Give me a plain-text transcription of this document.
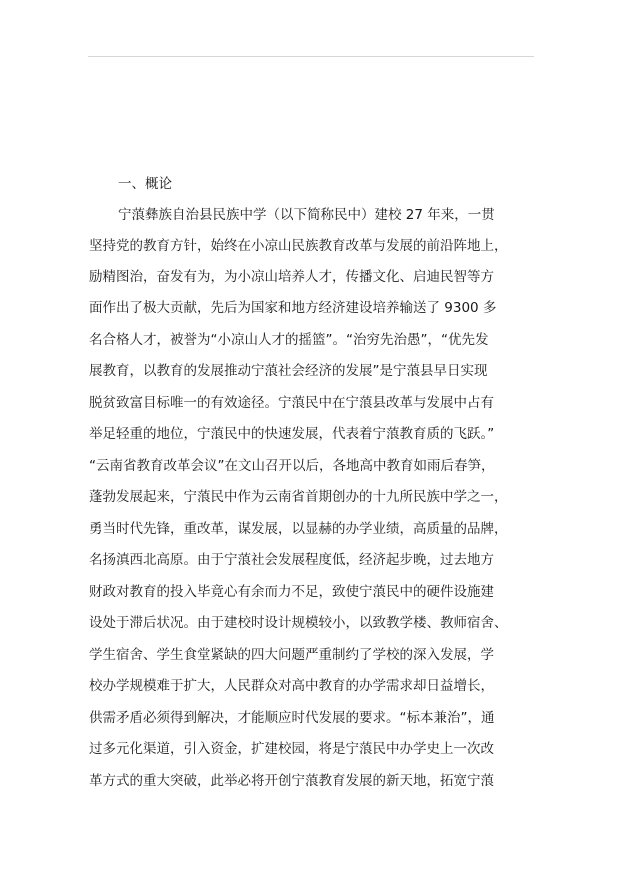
一、概论
宁蒗彝族自治县民族中学（以下简称民中）建校 27 年来，一贯
坚持党的教育方针，始终在小凉山民族教育改革与发展的前沿阵地上，
励精图治，奋发有为，为小凉山培养人才，传播文化、启迪民智等方
面作出了极大贡献，先后为国家和地方经济建设培养输送了 9300 多
名合格人才，被誉为“小凉山人才的摇篮”。“治穷先治愚”，“优先发
展教育，以教育的发展推动宁蒗社会经济的发展”是宁蒗县早日实现
脱贫致富目标唯一的有效途径。宁蒗民中在宁蒗县改革与发展中占有
举足轻重的地位，宁蒗民中的快速发展，代表着宁蒗教育质的飞跃。”
“云南省教育改革会议”在文山召开以后，各地高中教育如雨后春笋，
蓬勃发展起来，宁蒗民中作为云南省首期创办的十九所民族中学之一，
勇当时代先锋，重改革，谋发展，以显赫的办学业绩，高质量的品牌，
名扬滇西北高原。由于宁蒗社会发展程度低，经济起步晚，过去地方
财政对教育的投入毕竟心有余而力不足，致使宁蒗民中的硬件设施建
设处于滞后状况。由于建校时设计规模较小，以致教学楼、教师宿舍、
学生宿舍、学生食堂紧缺的四大问题严重制约了学校的深入发展，学
校办学规模难于扩大，人民群众对高中教育的办学需求却日益增长，
供需矛盾必须得到解决，才能顺应时代发展的要求。“标本兼治”，通
过多元化渠道，引入资金，扩建校园，将是宁蒗民中办学史上一次改
革方式的重大突破，此举必将开创宁蒗教育发展的新天地，拓宽宁蒗
